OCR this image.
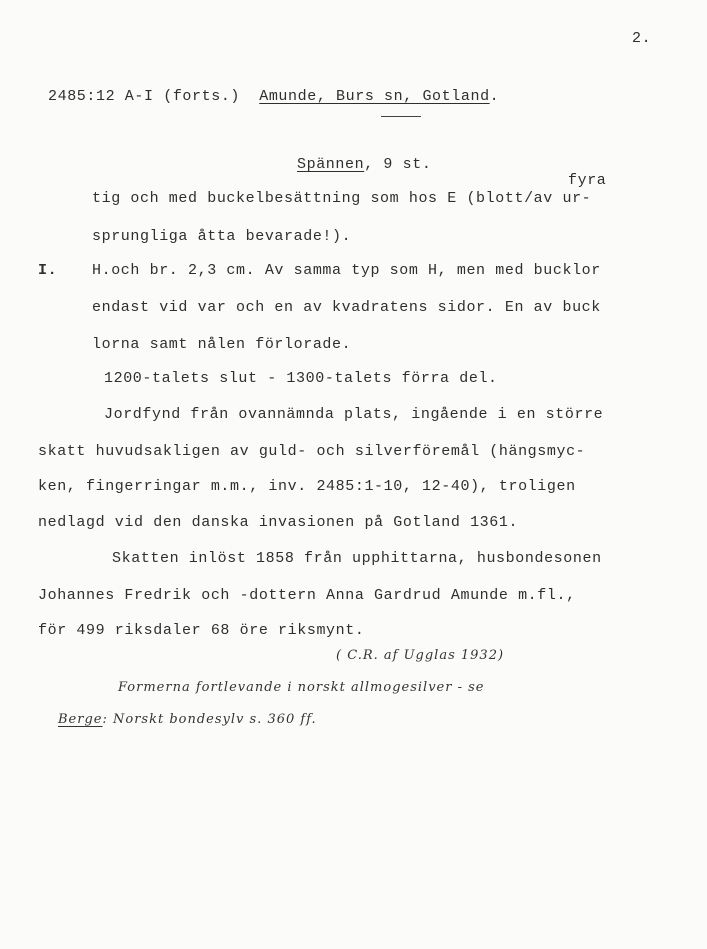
2.
2485:12 A-I (forts.) Amunde, Burs sn, Gotland.
Spännen, 9 st.
fyra
tig och med buckelbesättning som hos E (blott/av ur-
sprungliga åtta bevarade!).
I. H.och br. 2,3 cm. Av samma typ som H, men med bucklor
endast vid var och en av kvadratens sidor. En av buck
lorna samt nålen förlorade.
1200-talets slut - 1300-talets förra del.
Jordfynd från ovannämnda plats, ingående i en större
skatt huvudsakligen av guld- och silverföremål (hängsmyc-
ken, fingerringar m.m., inv. 2485:1-10, 12-40), troligen
nedlagd vid den danska invasionen på Gotland 1361.
Skatten inlöst 1858 från upphittarna, husbondesonen
Johannes Fredrik och -dottern Anna Gardrud Amunde m.fl.,
för 499 riksdaler 68 öre riksmynt.
( C.R. af Ugglas 1932)
Formerna fortlevande i norskt allmogesilver - se
Berge: Norskt bondesylv s. 360 ff.
